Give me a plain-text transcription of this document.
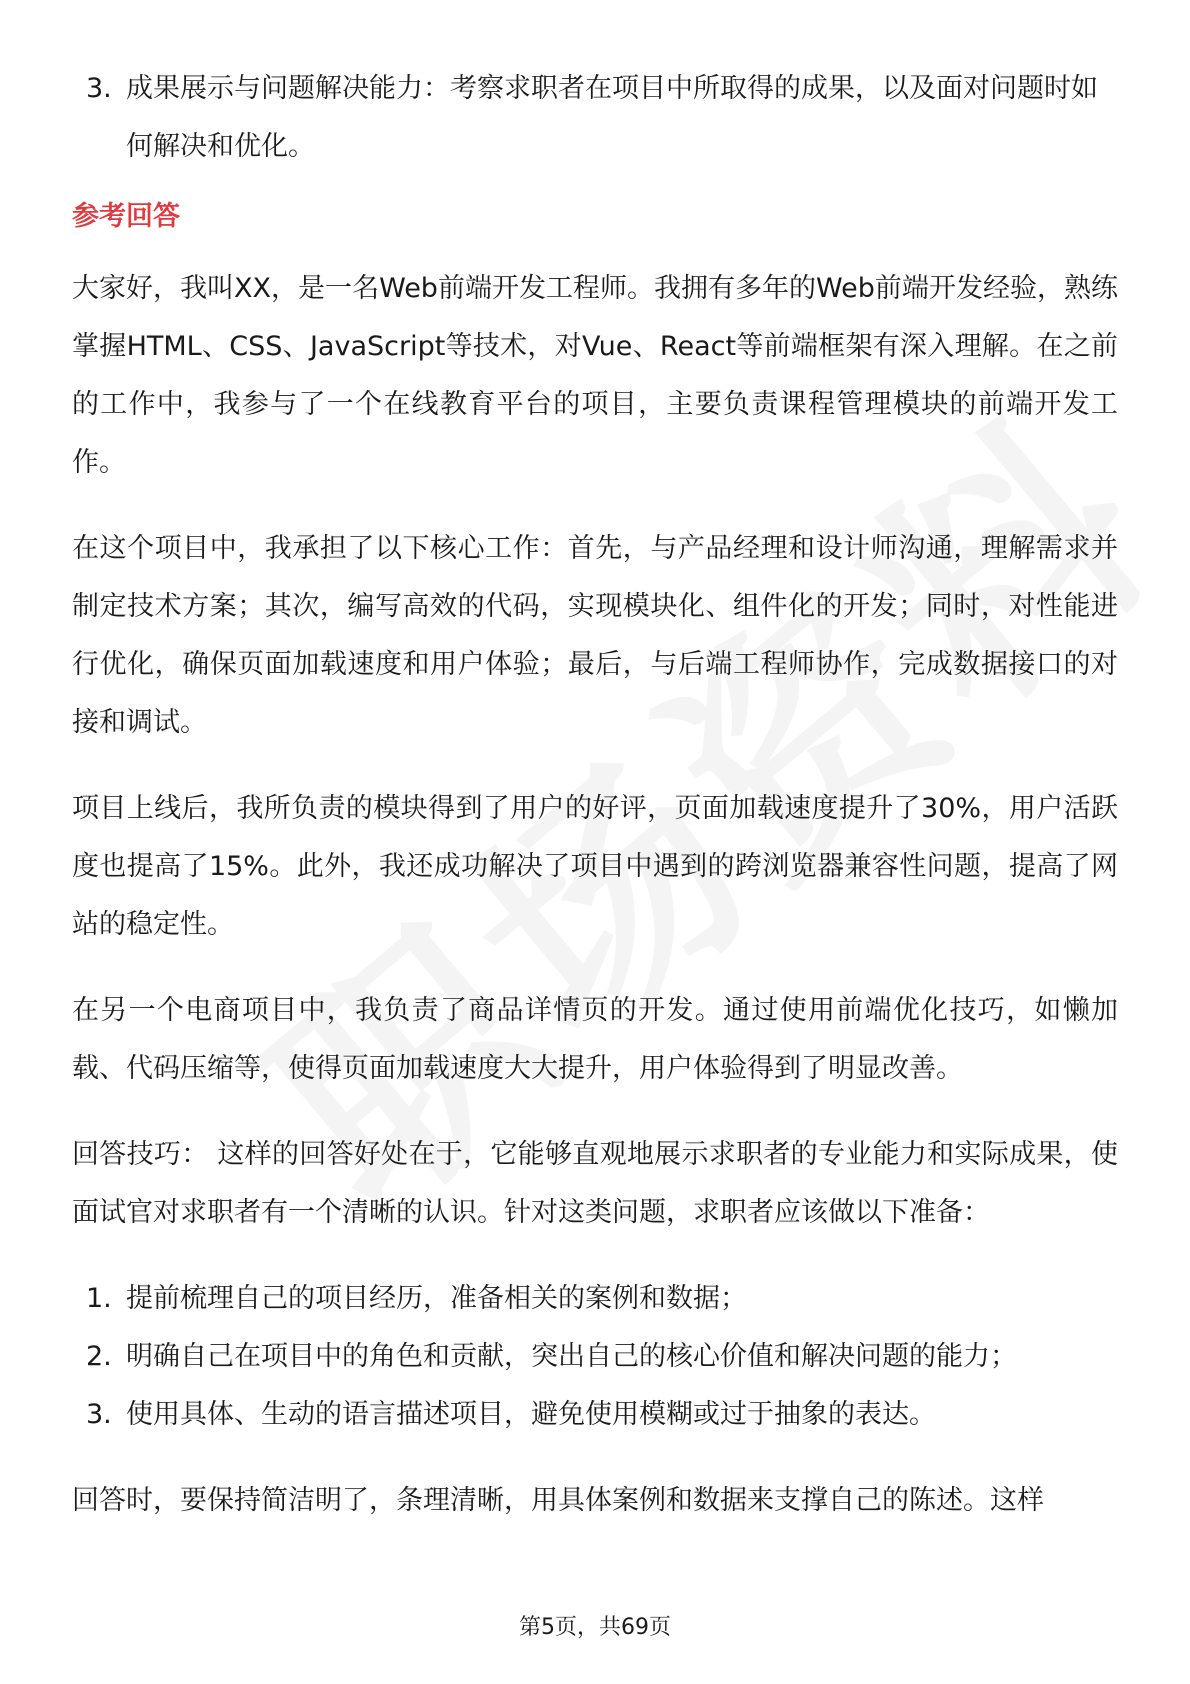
3. 成果展示与问题解决能力：考察求职者在项目中所取得的成果，以及面对问题时如何解决和优化。
参考回答

大家好，我叫XX，是一名Web前端开发工程师。我拥有多年的Web前端开发经验，熟练掌握HTML、CSS、JavaScript等技术，对Vue、React等前端框架有深入理解。在之前的工作中，我参与了一个在线教育平台的项目，主要负责课程管理模块的前端开发工作。

在这个项目中，我承担了以下核心工作：首先，与产品经理和设计师沟通，理解需求并制定技术方案；其次，编写高效的代码，实现模块化、组件化的开发；同时，对性能进行优化，确保页面加载速度和用户体验；最后，与后端工程师协作，完成数据接口的对接和调试。

项目上线后，我所负责的模块得到了用户的好评，页面加载速度提升了30%，用户活跃度也提高了15%。此外，我还成功解决了项目中遇到的跨浏览器兼容性问题，提高了网站的稳定性。

在另一个电商项目中，我负责了商品详情页的开发。通过使用前端优化技巧，如懒加载、代码压缩等，使得页面加载速度大大提升，用户体验得到了明显改善。

回答技巧： 这样的回答好处在于，它能够直观地展示求职者的专业能力和实际成果，使面试官对求职者有一个清晰的认识。针对这类问题，求职者应该做以下准备：

1. 提前梳理自己的项目经历，准备相关的案例和数据；
2. 明确自己在项目中的角色和贡献，突出自己的核心价值和解决问题的能力；
3. 使用具体、生动的语言描述项目，避免使用模糊或过于抽象的表达。

回答时，要保持简洁明了，条理清晰，用具体案例和数据来支撑自己的陈述。这样

第5页，共69页
